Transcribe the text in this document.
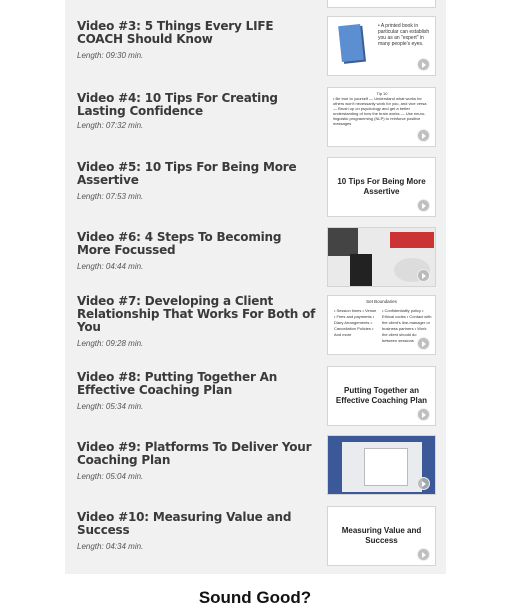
Video #3: 5 Things Every LIFE COACH Should Know

Length: 09:30 min.
• A printed book in particular can establish you as an "expert" in many people's eyes.

Video #4: 10 Tips For Creating Lasting Confidence

Length: 07:32 min.
Tip 10
• Be true to yourself — Understand what works for others won't necessarily work for you, and vice versa — Brush up on psychology and get a better understanding of how the brain works — Use neuro-linguistic programming (NLP) to reinforce positive messages

Video #5: 10 Tips For Being More Assertive

Length: 07:53 min.
10 Tips For Being More Assertive

Video #6: 4 Steps To Becoming More Focussed

Length: 04:44 min.

Video #7: Developing a Client Relationship That Works For Both of You

Length: 09:28 min.
Set Boundaries
• Session times • Venue • Fees and payments • Diary Arrangements • Cancellation Policies • And more
• Confidentiality policy • Ethical codes • Contact with the client's line-manager or business partners • Work the client should do between sessions

Video #8: Putting Together An Effective Coaching Plan

Length: 05:34 min.
Putting Together an Effective Coaching Plan

Video #9: Platforms To Deliver Your Coaching Plan

Length: 05:04 min.

Video #10: Measuring Value and Success

Length: 04:34 min.
Measuring Value and Success
Sound Good?
